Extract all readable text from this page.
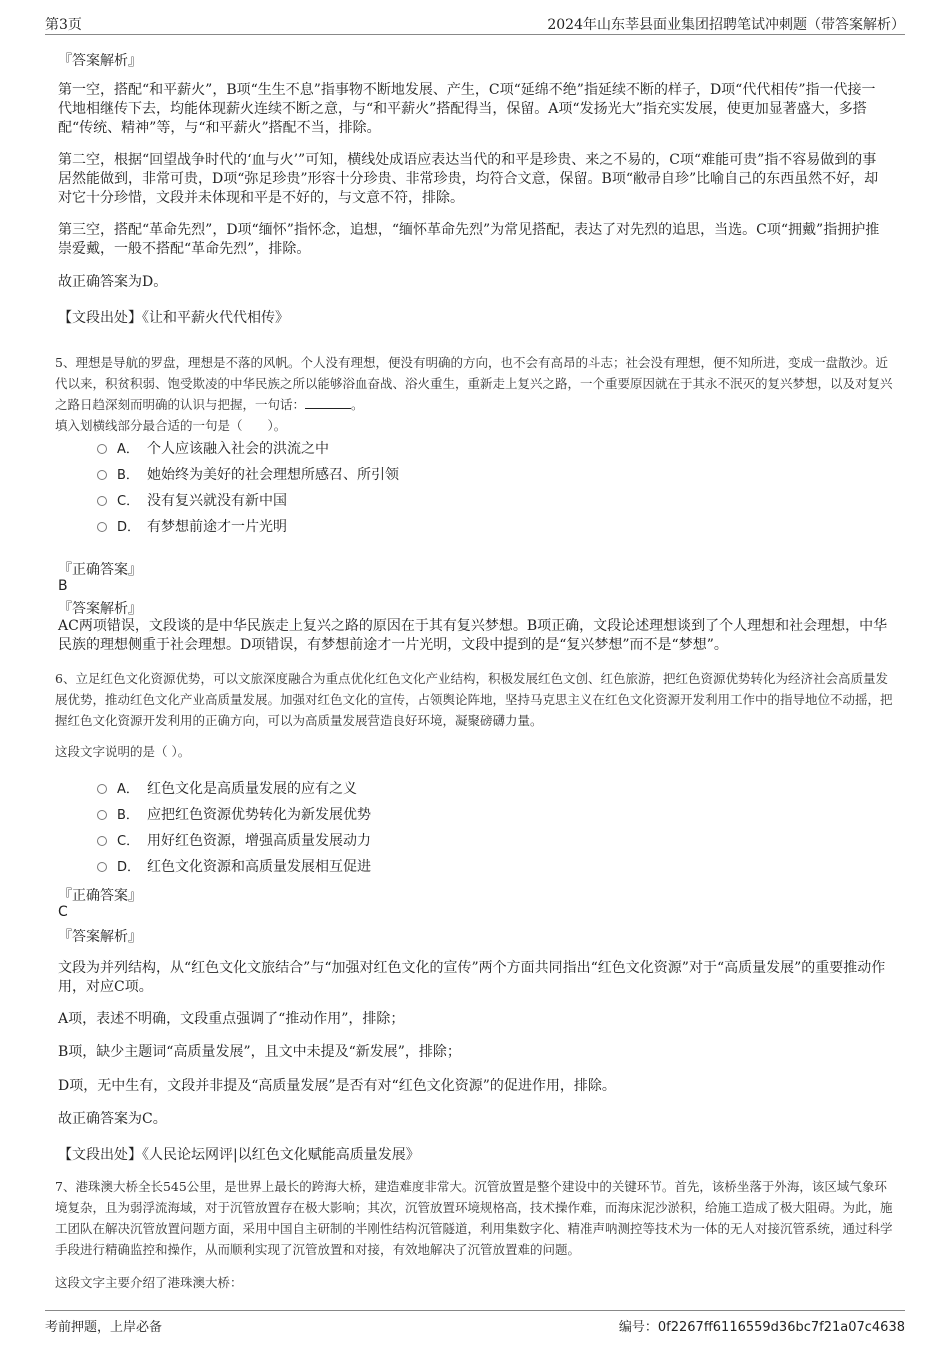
第3页	2024年山东莘县面业集团招聘笔试冲刺题（带答案解析）
『答案解析』
第一空，搭配“和平薪火”，B项“生生不息”指事物不断地发展、产生，C项“延绵不绝”指延续不断的样子，D项“代代相传”指一代接一代地相继传下去，均能体现薪火连续不断之意，与“和平薪火”搭配得当，保留。A项“发扬光大”指充实发展，使更加显著盛大，多搭配“传统、精神”等，与“和平薪火”搭配不当，排除。
第二空，根据“回望战争时代的‘血与火’”可知，横线处成语应表达当代的和平是珍贵、来之不易的，C项“难能可贵”指不容易做到的事居然能做到，非常可贵，D项“弥足珍贵”形容十分珍贵、非常珍贵，均符合文意，保留。B项“敝帚自珍”比喻自己的东西虽然不好，却对它十分珍惜，文段并未体现和平是不好的，与文意不符，排除。
第三空，搭配“革命先烈”，D项“缅怀”指怀念，追想，“缅怀革命先烈”为常见搭配，表达了对先烈的追思，当选。C项“拥戴”指拥护推崇爱戴，一般不搭配“革命先烈”，排除。
故正确答案为D。
【文段出处】《让和平薪火代代相传》
5、理想是导航的罗盘，理想是不落的风帆。个人没有理想，便没有明确的方向，也不会有高昂的斗志；社会没有理想，便不知所进，变成一盘散沙。近代以来，积贫积弱、饱受欺凌的中华民族之所以能够浴血奋战、浴火重生，重新走上复兴之路，一个重要原因就在于其永不泯灭的复兴梦想，以及对复兴之路日趋深刻而明确的认识与把握，一句话：	。
填入划横线部分最合适的一句是（　　）。
A． 个人应该融入社会的洪流之中
B． 她始终为美好的社会理想所感召、所引领
C． 没有复兴就没有新中国
D． 有梦想前途才一片光明
『正确答案』
B
『答案解析』
AC两项错误，文段谈的是中华民族走上复兴之路的原因在于其有复兴梦想。B项正确，文段论述理想谈到了个人理想和社会理想，中华民族的理想侧重于社会理想。D项错误，有梦想前途才一片光明，文段中提到的是“复兴梦想”而不是“梦想”。
6、立足红色文化资源优势，可以文旅深度融合为重点优化红色文化产业结构，积极发展红色文创、红色旅游，把红色资源优势转化为经济社会高质量发展优势，推动红色文化产业高质量发展。加强对红色文化的宣传，占领舆论阵地，坚持马克思主义在红色文化资源开发利用工作中的指导地位不动摇，把握红色文化资源开发利用的正确方向，可以为高质量发展营造良好环境，凝聚磅礴力量。
这段文字说明的是（ ）。
A． 红色文化是高质量发展的应有之义
B． 应把红色资源优势转化为新发展优势
C． 用好红色资源，增强高质量发展动力
D． 红色文化资源和高质量发展相互促进
『正确答案』
C
『答案解析』
文段为并列结构，从“红色文化文旅结合”与“加强对红色文化的宣传”两个方面共同指出“红色文化资源”对于“高质量发展”的重要推动作用，对应C项。
A项，表述不明确，文段重点强调了“推动作用”，排除；
B项，缺少主题词“高质量发展”，且文中未提及“新发展”，排除；
D项，无中生有，文段并非提及“高质量发展”是否有对“红色文化资源”的促进作用，排除。
故正确答案为C。
【文段出处】《人民论坛网评|以红色文化赋能高质量发展》
7、港珠澳大桥全长545公里，是世界上最长的跨海大桥，建造难度非常大。沉管放置是整个建设中的关键环节。首先，该桥坐落于外海，该区域气象环境复杂，且为弱浮流海域，对于沉管放置存在极大影响；其次，沉管放置环境规格高，技术操作难，而海床泥沙淤积，给施工造成了极大阻碍。为此，施工团队在解决沉管放置问题方面，采用中国自主研制的半刚性结构沉管隧道，利用集数字化、精准声呐测控等技术为一体的无人对接沉管系统，通过科学手段进行精确监控和操作，从而顺利实现了沉管放置和对接，有效地解决了沉管放置难的问题。
这段文字主要介绍了港珠澳大桥：
考前押题，上岸必备	编号：0f2267ff6116559d36bc7f21a07c4638
